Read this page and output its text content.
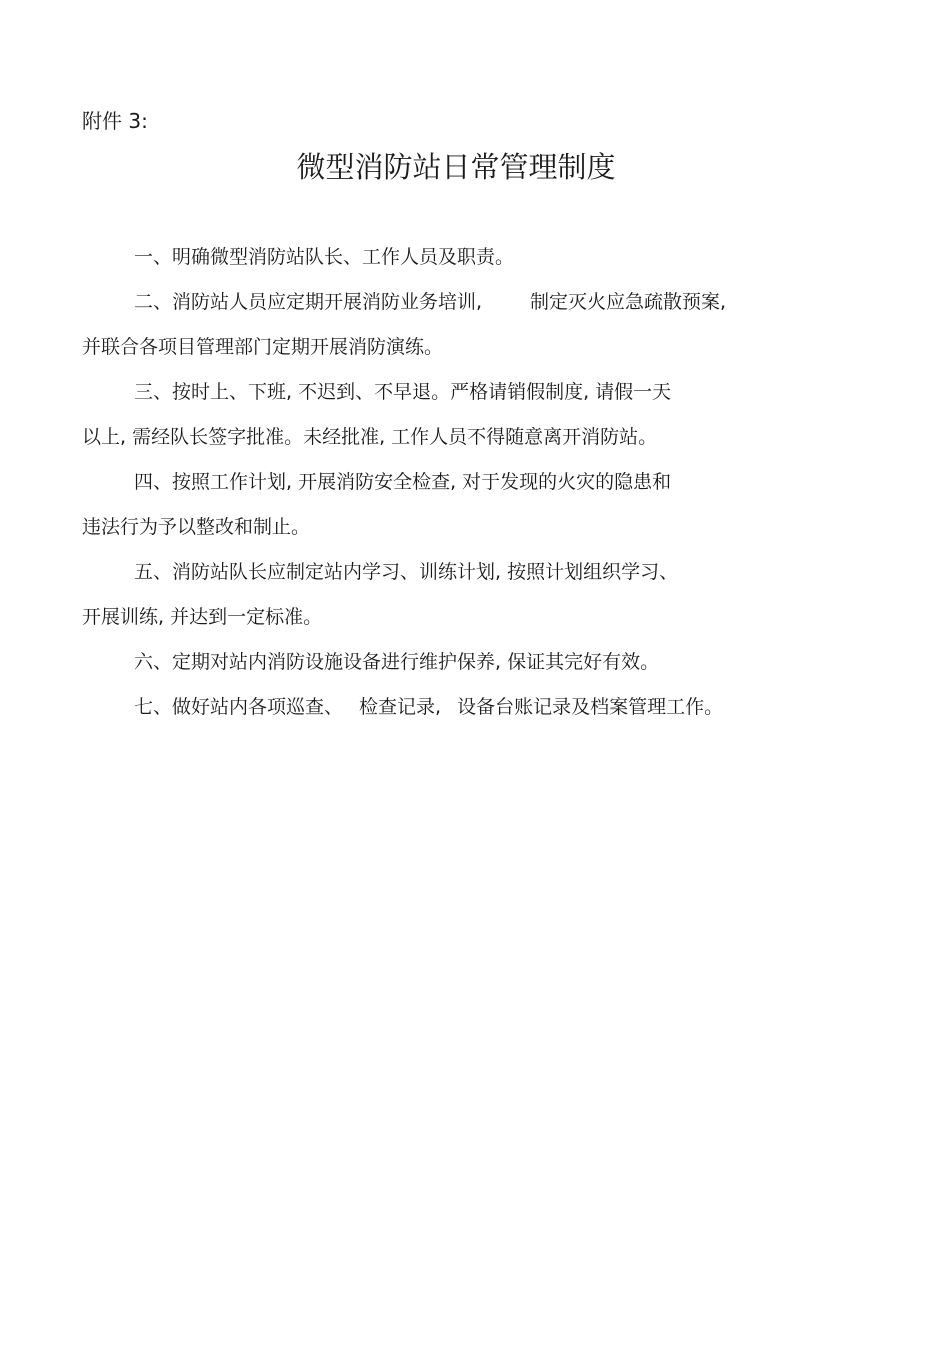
附件 3:
微型消防站日常管理制度
一、明确微型消防站队长、工作人员及职责。
二、消防站人员应定期开展消防业务培训,	制定灭火应急疏散预案,
并联合各项目管理部门定期开展消防演练。
三、按时上、下班, 不迟到、不早退。严格请销假制度, 请假一天
以上, 需经队长签字批准。未经批准, 工作人员不得随意离开消防站。
四、按照工作计划, 开展消防安全检查, 对于发现的火灾的隐患和
违法行为予以整改和制止。
五、消防站队长应制定站内学习、训练计划, 按照计划组织学习、
开展训练, 并达到一定标准。
六、定期对站内消防设施设备进行维护保养, 保证其完好有效。
七、做好站内各项巡查、 检查记录, 设备台账记录及档案管理工作。
